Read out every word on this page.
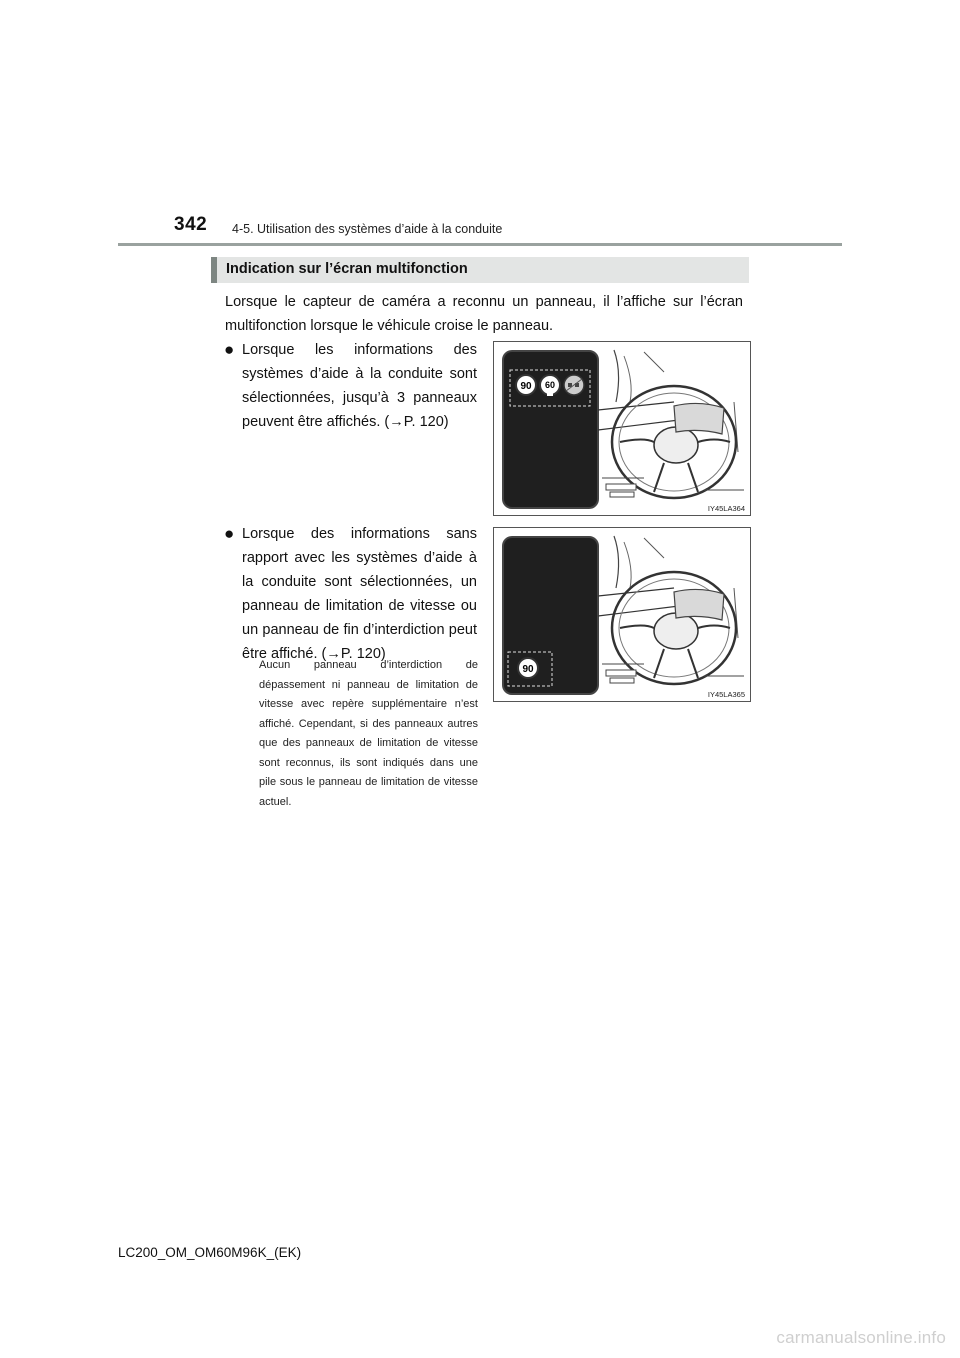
342 4-5. Utilisation des systèmes d’aide à la conduite
Indication sur l’écran multifonction
Lorsque le capteur de caméra a reconnu un panneau, il l’affiche sur l’écran multifonction lorsque le véhicule croise le panneau.
● Lorsque les informations des systèmes d’aide à la conduite sont sélectionnées, jusqu’à 3 panneaux peuvent être affichés. (→P. 120)
● Lorsque des informations sans rapport avec les systèmes d’aide à la conduite sont sélectionnées, un panneau de limitation de vitesse ou un panneau de fin d’interdiction peut être affiché. (→P. 120)
Aucun panneau d’interdiction de dépassement ni panneau de limitation de vitesse avec repère supplémentaire n’est affiché. Cependant, si des panneaux autres que des panneaux de limitation de vitesse sont reconnus, ils sont indiqués dans une pile sous le panneau de limitation de vitesse actuel.
90 60
IY45LA364
90
IY45LA365
LC200_OM_OM60M96K_(EK)
carmanualsonline.info
